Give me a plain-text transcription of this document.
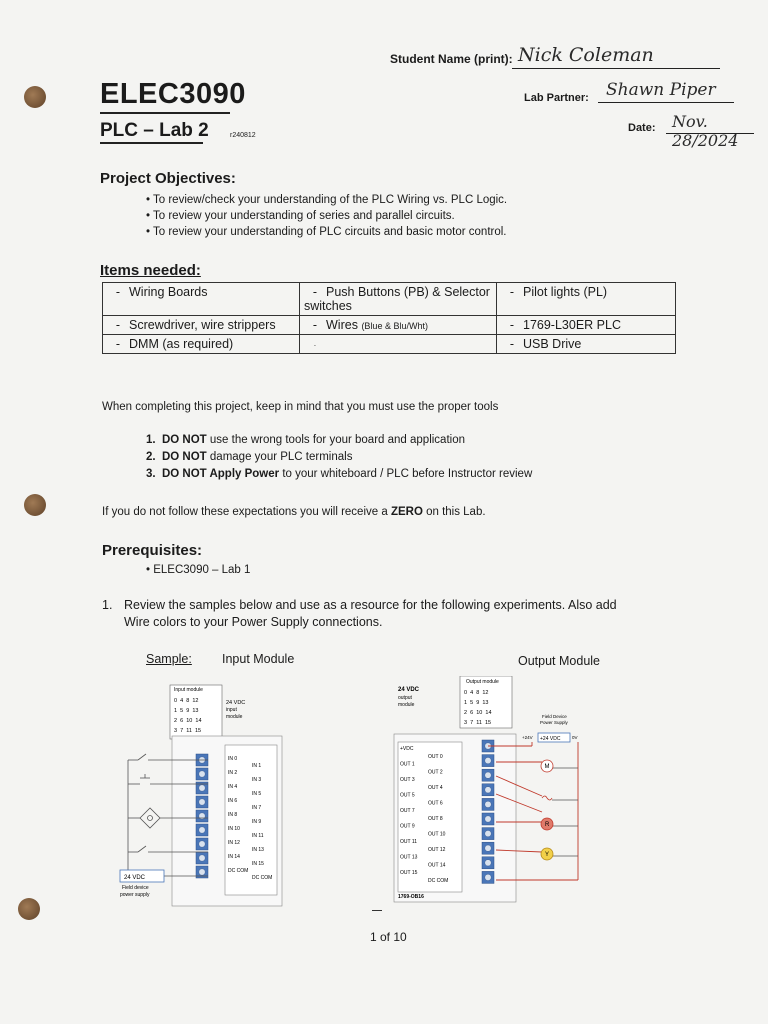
Student Name (print): Nick Coleman
ELEC3090	Lab Partner: Shawn Piper
PLC – Lab 2	r240812
Date: Nov. 28/2024
Project Objectives:
• To review/check your understanding of the PLC Wiring vs. PLC Logic.
• To review your understanding of series and parallel circuits.
• To review your understanding of PLC circuits and basic motor control.
Items needed:
- Wiring Boards	- Push Buttons (PB) & Selector switches	- Pilot lights (PL)
- Screwdriver, wire strippers	- Wires (Blue & Blu/Wht)	- 1769-L30ER PLC
- DMM (as required)	·	- USB Drive
When completing this project, keep in mind that you must use the proper tools
1. DO NOT use the wrong tools for your board and application
2. DO NOT damage your PLC terminals
3. DO NOT Apply Power to your whiteboard / PLC before Instructor review
If you do not follow these expectations you will receive a ZERO on this Lab.
Prerequisites:
• ELEC3090 – Lab 1
1. Review the samples below and use as a resource for the following experiments. Also add
Wire colors to your Power Supply connections.
Sample: Input Module	Output Module
Input module
0  4  8  12
1  5  9  13
2  6  10  14
3  7  11  15
24 VDC
input
module
IN 0
IN 2
IN 4
IN 6
IN 8
IN 10
IN 12
IN 14
DC COM
IN 1
IN 3
IN 5
IN 7
IN 9
IN 11
IN 13
IN 15
DC COM
24 VDC
Field device
power supply
24 VDC
output
module
Output module
0  4  8  12
1  5  9  13
2  6  10  14
3  7  11  15
+VDC
OUT 1
OUT 3
OUT 5
OUT 7
OUT 9
OUT 11
OUT 13
OUT 15
OUT 0
OUT 2
OUT 4
OUT 6
OUT 8
OUT 10
OUT 12
OUT 14
DC COM
1769-OB16
Field Device
Power Supply
+24V +24 VDC	0V
M
R
Y
1 of 10
